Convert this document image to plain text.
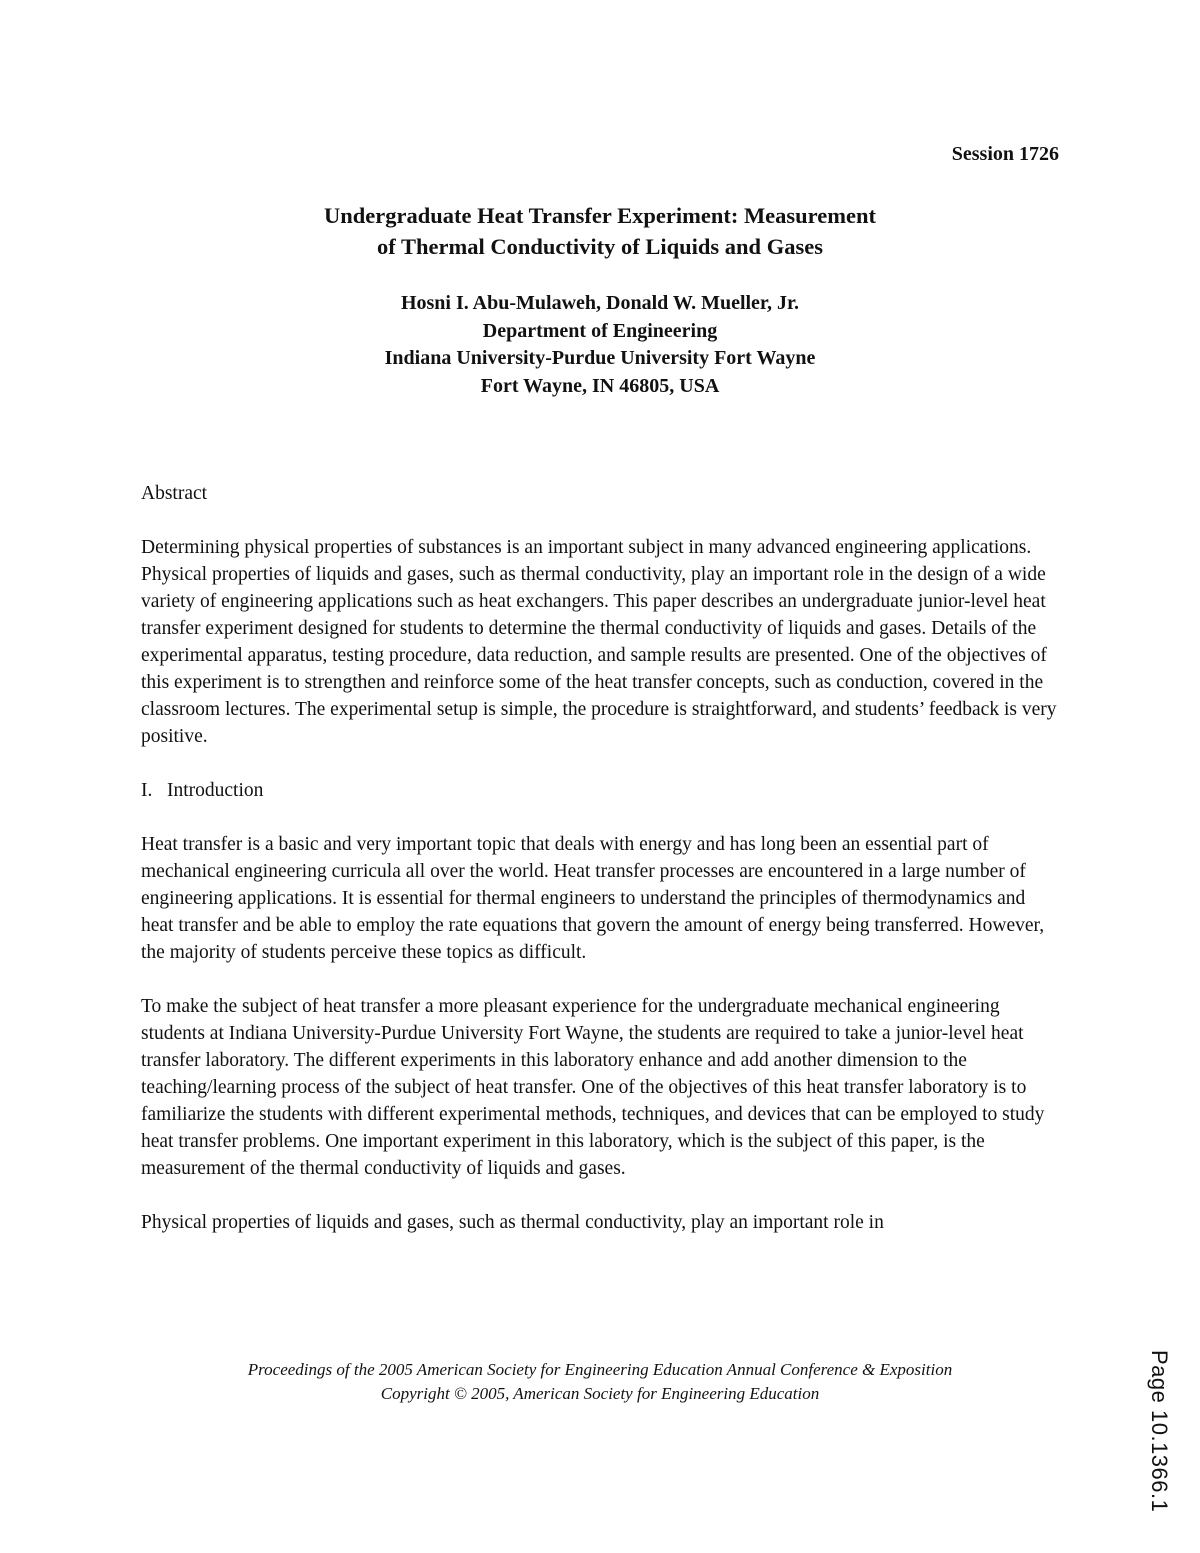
Session 1726
Undergraduate Heat Transfer Experiment: Measurement
of Thermal Conductivity of Liquids and Gases
Hosni I. Abu-Mulaweh, Donald W. Mueller, Jr.
Department of Engineering
Indiana University-Purdue University Fort Wayne
Fort Wayne, IN 46805, USA
Abstract

Determining physical properties of substances is an important subject in many advanced engineering applications. Physical properties of liquids and gases, such as thermal conductivity, play an important role in the design of a wide variety of engineering applications such as heat exchangers. This paper describes an undergraduate junior-level heat transfer experiment designed for students to determine the thermal conductivity of liquids and gases. Details of the experimental apparatus, testing procedure, data reduction, and sample results are presented. One of the objectives of this experiment is to strengthen and reinforce some of the heat transfer concepts, such as conduction, covered in the classroom lectures. The experimental setup is simple, the procedure is straightforward, and students’ feedback is very positive.

I.   Introduction

Heat transfer is a basic and very important topic that deals with energy and has long been an essential part of mechanical engineering curricula all over the world. Heat transfer processes are encountered in a large number of engineering applications. It is essential for thermal engineers to understand the principles of thermodynamics and heat transfer and be able to employ the rate equations that govern the amount of energy being transferred. However, the majority of students perceive these topics as difficult.

To make the subject of heat transfer a more pleasant experience for the undergraduate mechanical engineering students at Indiana University-Purdue University Fort Wayne, the students are required to take a junior-level heat transfer laboratory. The different experiments in this laboratory enhance and add another dimension to the teaching/learning process of the subject of heat transfer. One of the objectives of this heat transfer laboratory is to familiarize the students with different experimental methods, techniques, and devices that can be employed to study heat transfer problems. One important experiment in this laboratory, which is the subject of this paper, is the measurement of the thermal conductivity of liquids and gases.

Physical properties of liquids and gases, such as thermal conductivity, play an important role in

Proceedings of the 2005 American Society for Engineering Education Annual Conference & Exposition
Copyright © 2005, American Society for Engineering Education	Page 10.1366.1
